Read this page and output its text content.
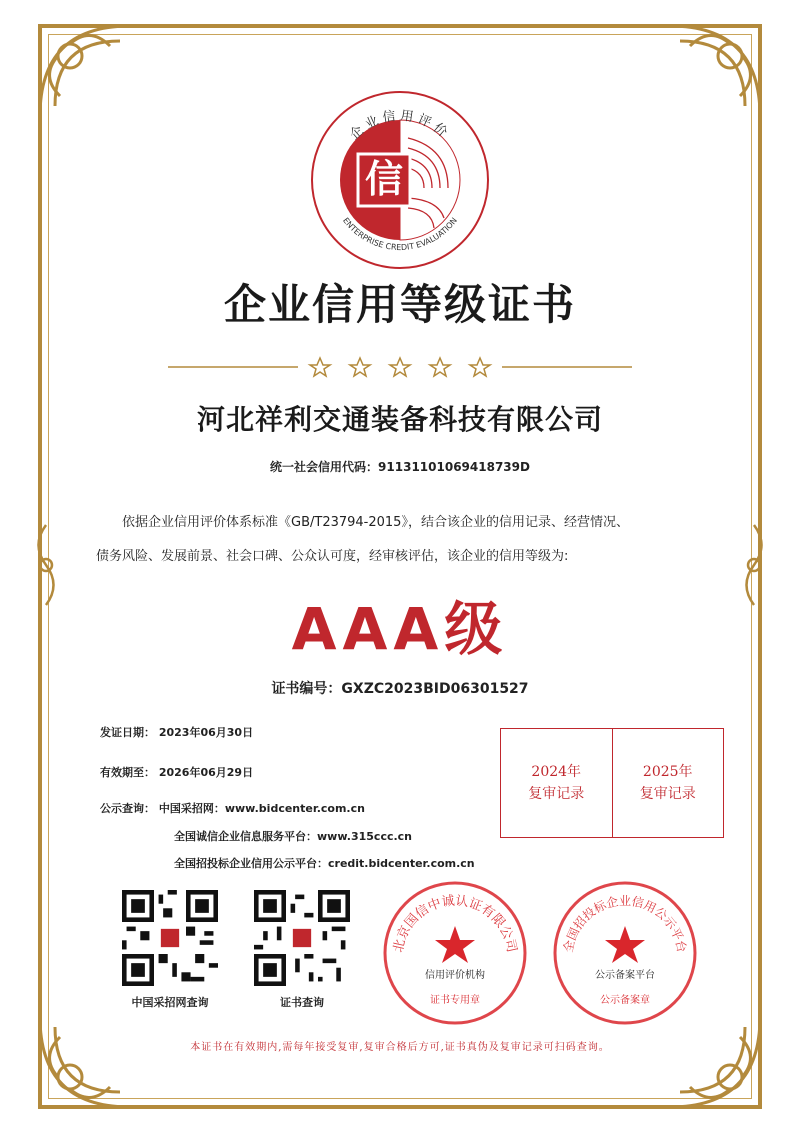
信
企业信用评价
ENTERPRISE CREDIT EVALUATION
企业信用等级证书
河北祥利交通装备科技有限公司
统一社会信用代码：91131101069418739D
依据企业信用评价体系标准《GB/T23794-2015》，结合该企业的信用记录、经营情况、
债务风险、发展前景、社会口碑、公众认可度，经审核评估，该企业的信用等级为:
AAA级
证书编号：GXZC2023BID06301527
发证日期： 2023年06月30日
有效期至： 2026年06月29日
公示查询： 中国采招网：www.bidcenter.com.cn
全国诚信企业信息服务平台：www.315ccc.cn
全国招投标企业信用公示平台：credit.bidcenter.com.cn
2024年
复审记录
2025年
复审记录
中国采招网查询	证书查询
北京国信中诚认证有限公司
信用评价机构
证书专用章
全国招投标企业信用公示平台
公示备案平台
公示备案章
本证书在有效期内,需每年接受复审,复审合格后方可,证书真伪及复审记录可扫码查询。
